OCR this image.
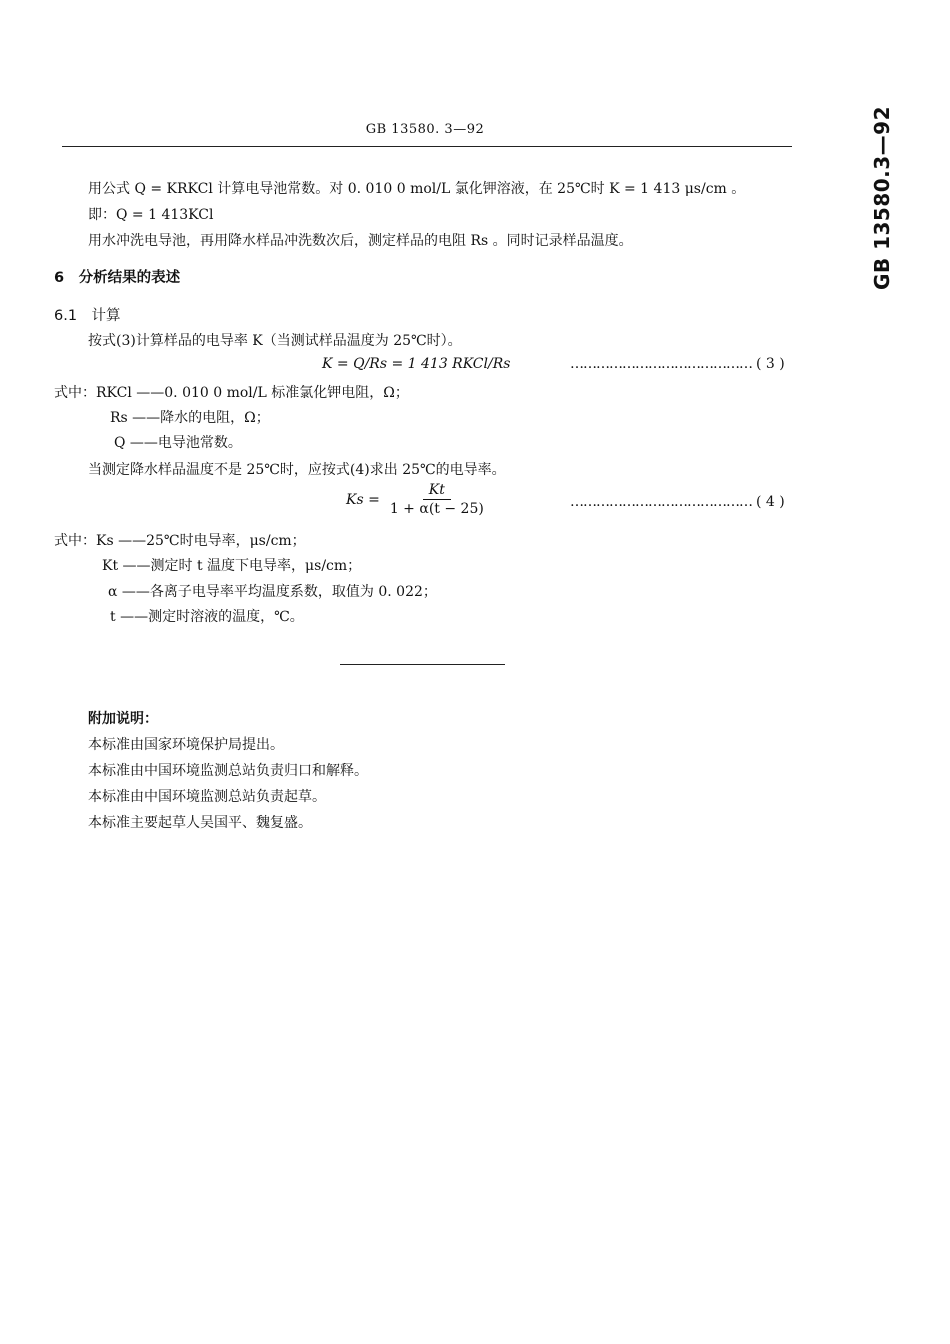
GB 13580. 3—92	GB 13580.3—92
用公式 Q = KRKCl 计算电导池常数。对 0. 010 0 mol/L 氯化钾溶液，在 25℃时 K = 1 413 μs/cm 。
即：Q = 1 413KCl
用水冲洗电导池，再用降水样品冲洗数次后，测定样品的电阻 Rs 。同时记录样品温度。
6　分析结果的表述
6.1　计算
按式(3)计算样品的电导率 K（当测试样品温度为 25℃时）。
K = Q/Rs = 1 413 RKCl/Rs	…………………………………… ( 3 )
式中：RKCl ——0. 010 0 mol/L 标准氯化钾电阻，Ω；
Rs ——降水的电阻，Ω；
Q ——电导池常数。
当测定降水样品温度不是 25℃时，应按式(4)求出 25℃的电导率。
$Ks = \frac{Kt}{1 + \alpha(t - 25)}$	…………………………………… ( 4 )
式中：Ks ——25℃时电导率，μs/cm；
Kt ——测定时 t 温度下电导率，μs/cm；
α ——各离子电导率平均温度系数，取值为 0. 022；
t ——测定时溶液的温度，℃。
附加说明：
本标准由国家环境保护局提出。
本标准由中国环境监测总站负责归口和解释。
本标准由中国环境监测总站负责起草。
本标准主要起草人吴国平、魏复盛。
